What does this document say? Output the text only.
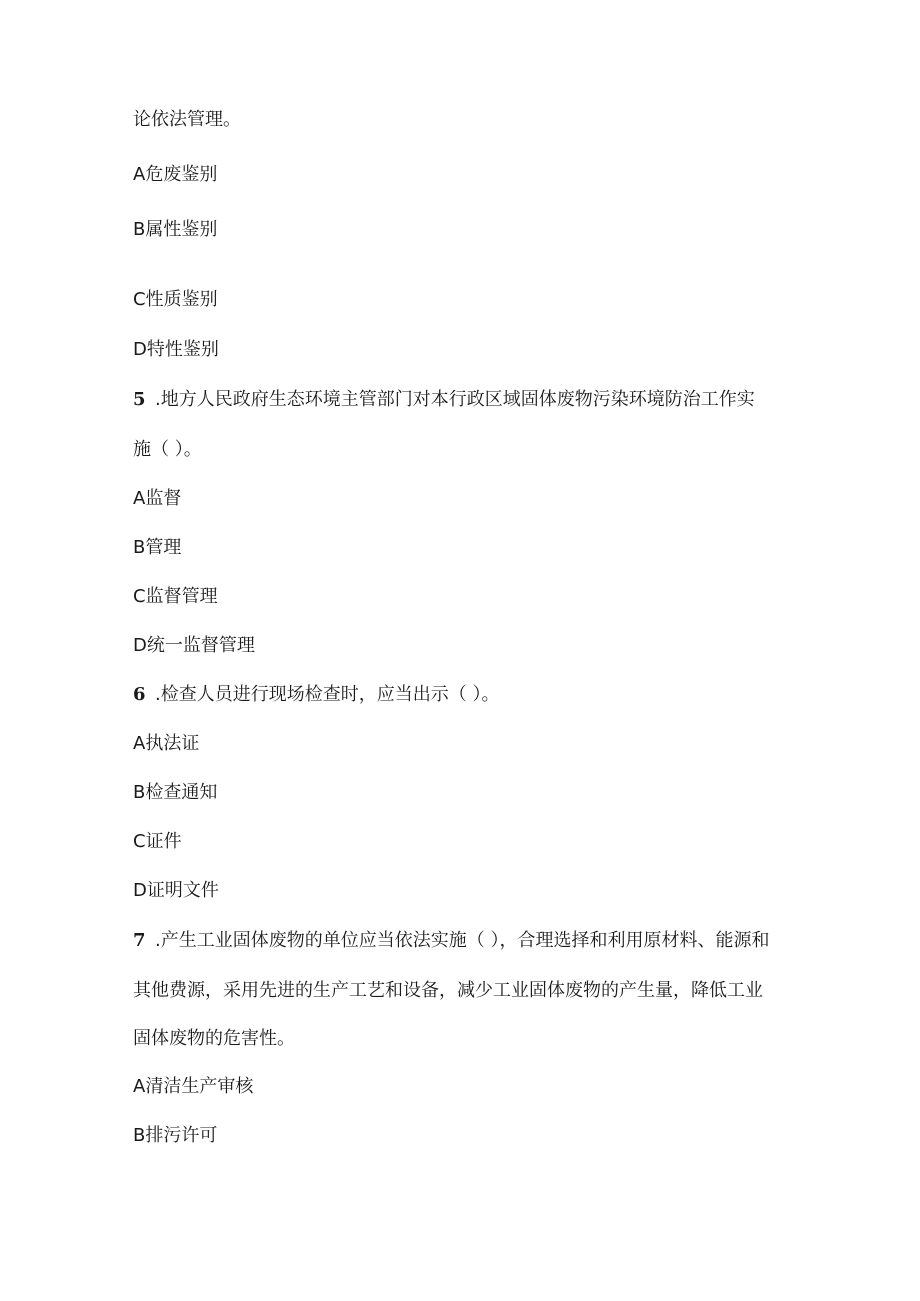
论依法管理。
A危废鉴别
B属性鉴别
C性质鉴别
D特性鉴别
5 .地方人民政府生态环境主管部门对本行政区域固体废物污染环境防治工作实
施（ ）。
A监督
B管理
C监督管理
D统一监督管理
6 .检查人员进行现场检查时，应当出示（ ）。
A执法证
B检查通知
C证件
D证明文件
7 .产生工业固体废物的单位应当依法实施（ ），合理选择和利用原材料、能源和
其他费源，采用先进的生产工艺和设备，减少工业固体废物的产生量，降低工业
固体废物的危害性。
A清洁生产审核
B排污许可
